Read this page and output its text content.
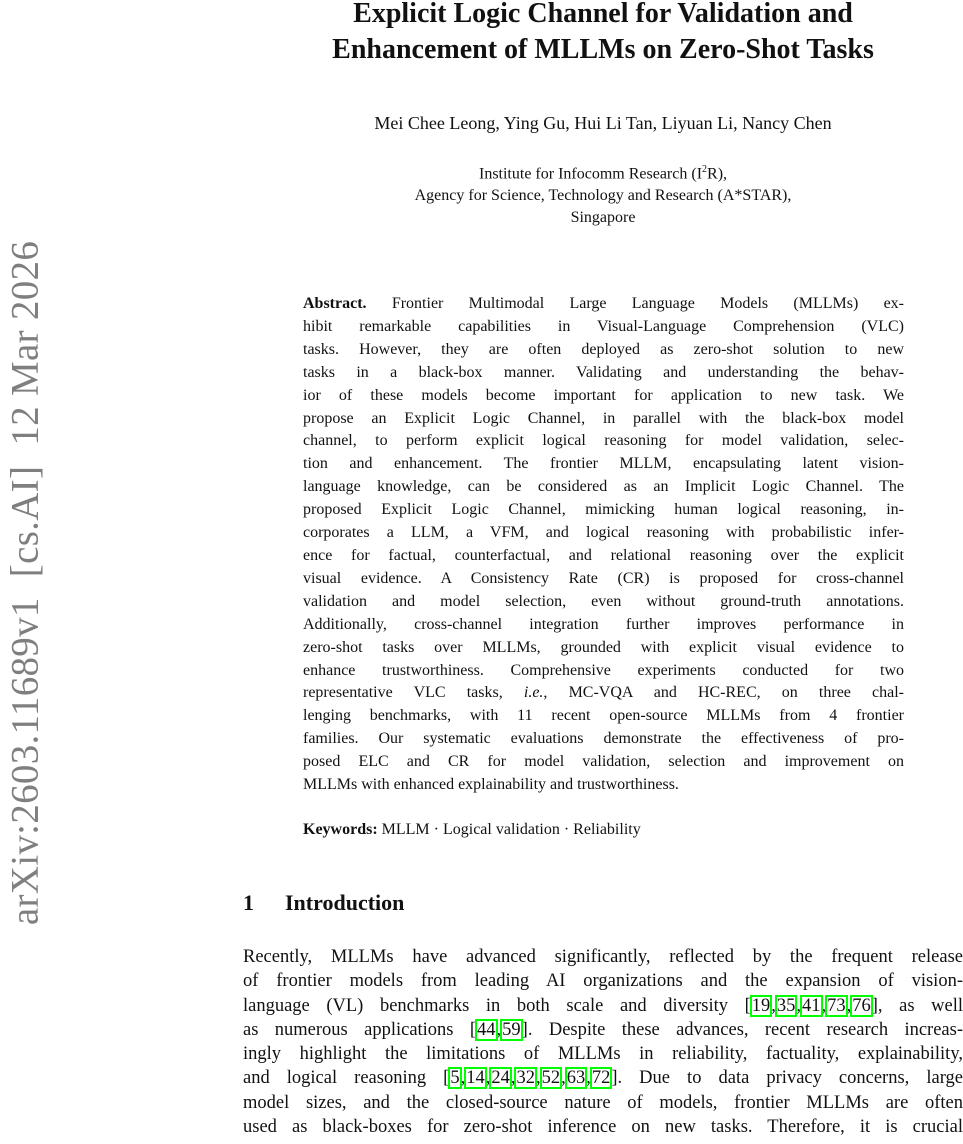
arXiv:2603.11689v1  [cs.AI]  12 Mar 2026
Explicit Logic Channel for Validation and
Enhancement of MLLMs on Zero-Shot Tasks
Mei Chee Leong, Ying Gu, Hui Li Tan, Liyuan Li, Nancy Chen
Institute for Infocomm Research $(I^2R)$,
Agency for Science, Technology and Research (A*STAR),
Singapore
Abstract. Frontier Multimodal Large Language Models (MLLMs) ex-
hibit remarkable capabilities in Visual-Language Comprehension (VLC)
tasks. However, they are often deployed as zero-shot solution to new
tasks in a black-box manner. Validating and understanding the behav-
ior of these models become important for application to new task. We
propose an Explicit Logic Channel, in parallel with the black-box model
channel, to perform explicit logical reasoning for model validation, selec-
tion and enhancement. The frontier MLLM, encapsulating latent vision-
language knowledge, can be considered as an Implicit Logic Channel. The
proposed Explicit Logic Channel, mimicking human logical reasoning, in-
corporates a LLM, a VFM, and logical reasoning with probabilistic infer-
ence for factual, counterfactual, and relational reasoning over the explicit
visual evidence. A Consistency Rate (CR) is proposed for cross-channel
validation and model selection, even without ground-truth annotations.
Additionally, cross-channel integration further improves performance in
zero-shot tasks over MLLMs, grounded with explicit visual evidence to
enhance trustworthiness. Comprehensive experiments conducted for two
representative VLC tasks, i.e., MC-VQA and HC-REC, on three chal-
lenging benchmarks, with 11 recent open-source MLLMs from 4 frontier
families. Our systematic evaluations demonstrate the effectiveness of pro-
posed ELC and CR for model validation, selection and improvement on
MLLMs with enhanced explainability and trustworthiness.
Keywords: MLLM · Logical validation · Reliability
1 Introduction
Recently, MLLMs have advanced significantly, reflected by the frequent release
of frontier models from leading AI organizations and the expansion of vision-
language (VL) benchmarks in both scale and diversity [19,35,41,73,76], as well
as numerous applications [44,59]. Despite these advances, recent research increas-
ingly highlight the limitations of MLLMs in reliability, factuality, explainability,
and logical reasoning [5,14,24,32,52,63,72]. Due to data privacy concerns, large
model sizes, and the closed-source nature of models, frontier MLLMs are often
used as black-boxes for zero-shot inference on new tasks. Therefore, it is crucial
